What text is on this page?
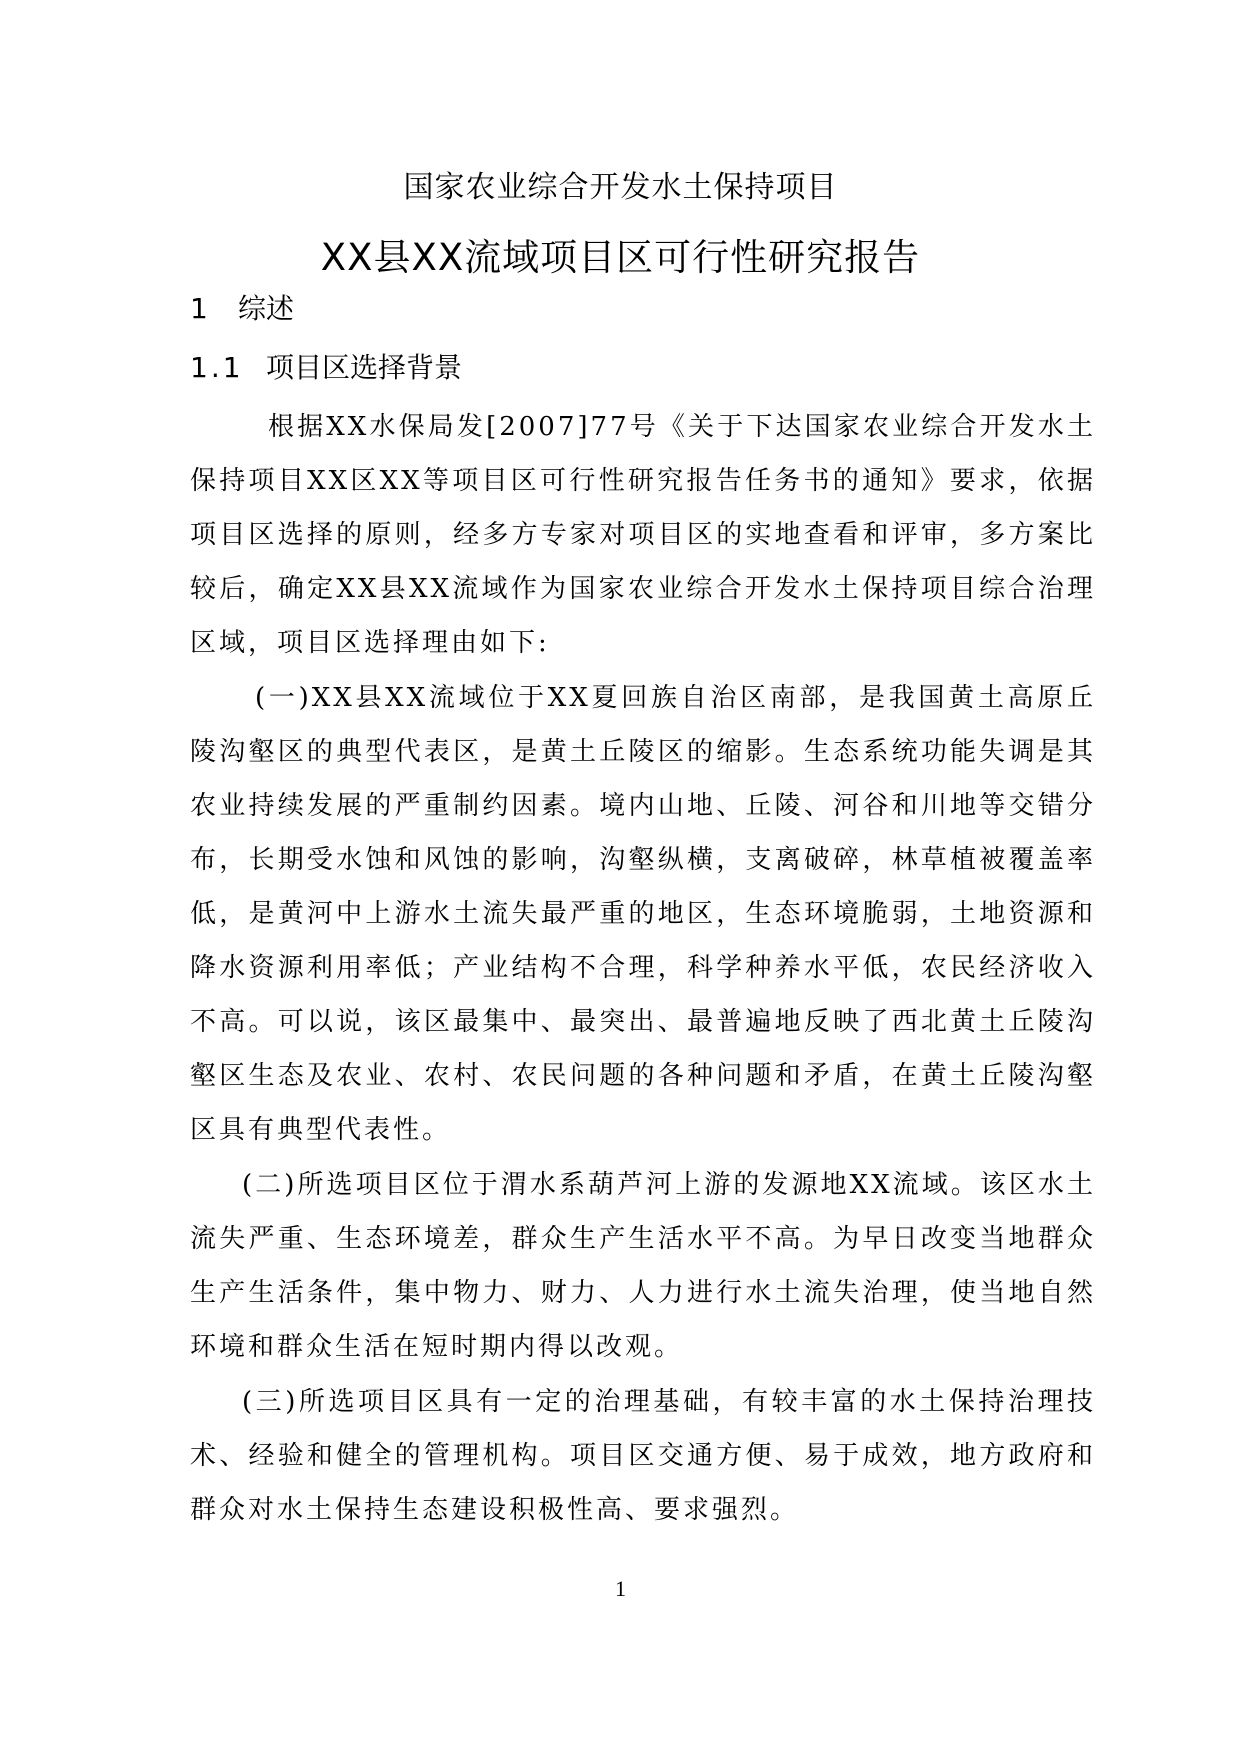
国家农业综合开发水土保持项目
XX县XX流域项目区可行性研究报告
1 综述
1.1 项目区选择背景

根据XX水保局发[2007]77号《关于下达国家农业综合开发水土保持项目XX区XX等项目区可行性研究报告任务书的通知》要求，依据项目区选择的原则，经多方专家对项目区的实地查看和评审，多方案比较后，确定XX县XX流域作为国家农业综合开发水土保持项目综合治理区域，项目区选择理由如下:

(一)XX县XX流域位于XX夏回族自治区南部，是我国黄土高原丘陵沟壑区的典型代表区，是黄土丘陵区的缩影。生态系统功能失调是其农业持续发展的严重制约因素。境内山地、丘陵、河谷和川地等交错分布，长期受水蚀和风蚀的影响，沟壑纵横，支离破碎，林草植被覆盖率低，是黄河中上游水土流失最严重的地区，生态环境脆弱，土地资源和降水资源利用率低；产业结构不合理，科学种养水平低，农民经济收入不高。可以说，该区最集中、最突出、最普遍地反映了西北黄土丘陵沟壑区生态及农业、农村、农民问题的各种问题和矛盾，在黄土丘陵沟壑区具有典型代表性。

(二)所选项目区位于渭水系葫芦河上游的发源地XX流域。该区水土流失严重、生态环境差，群众生产生活水平不高。为早日改变当地群众生产生活条件，集中物力、财力、人力进行水土流失治理，使当地自然环境和群众生活在短时期内得以改观。

(三)所选项目区具有一定的治理基础，有较丰富的水土保持治理技术、经验和健全的管理机构。项目区交通方便、易于成效，地方政府和群众对水土保持生态建设积极性高、要求强烈。

1
